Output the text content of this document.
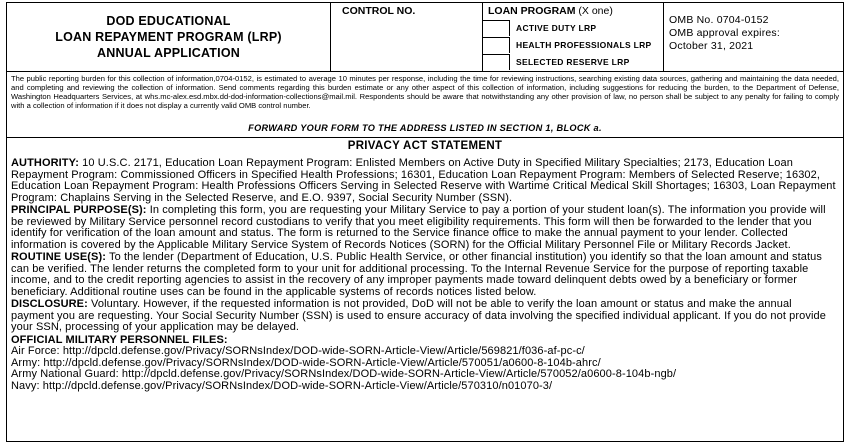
DOD EDUCATIONAL
LOAN REPAYMENT PROGRAM (LRP)
ANNUAL APPLICATION
CONTROL NO.	LOAN PROGRAM (X one)
ACTIVE DUTY LRP
HEALTH PROFESSIONALS LRP
SELECTED RESERVE LRP
OMB No. 0704-0152
OMB approval expires:
October 31, 2021
The public reporting burden for this collection of information,0704-0152, is estimated to average 10 minutes per response, including the time for reviewing instructions, searching existing data sources, gathering and maintaining the data needed, and completing and reviewing the collection of information. Send comments regarding this burden estimate or any other aspect of this collection of information, including suggestions for reducing the burden, to the Department of Defense, Washington Headquarters Services, at whs.mc-alex.esd.mbx.dd-dod-information-collections@mail.mil. Respondents should be aware that notwithstanding any other provision of law, no person shall be subject to any penalty for failing to comply with a collection of information if it does not display a currently valid OMB control number.
FORWARD YOUR FORM TO THE ADDRESS LISTED IN SECTION 1, BLOCK a.
PRIVACY ACT STATEMENT

AUTHORITY: 10 U.S.C. 2171, Education Loan Repayment Program: Enlisted Members on Active Duty in Specified Military Specialties; 2173, Education Loan Repayment Program: Commissioned Officers in Specified Health Professions; 16301, Education Loan Repayment Program: Members of Selected Reserve; 16302, Education Loan Repayment Program: Health Professions Officers Serving in Selected Reserve with Wartime Critical Medical Skill Shortages; 16303, Loan Repayment Program: Chaplains Serving in the Selected Reserve, and E.O. 9397, Social Security Number (SSN).

PRINCIPAL PURPOSE(S): In completing this form, you are requesting your Military Service to pay a portion of your student loan(s). The information you provide will be reviewed by Military Service personnel record custodians to verify that you meet eligibility requirements. This form will then be forwarded to the lender that you identify for verification of the loan amount and status. The form is returned to the Service finance office to make the annual payment to your lender. Collected information is covered by the Applicable Military Service System of Records Notices (SORN) for the Official Military Personnel File or Military Records Jacket.

ROUTINE USE(S): To the lender (Department of Education, U.S. Public Health Service, or other financial institution) you identify so that the loan amount and status can be verified. The lender returns the completed form to your unit for additional processing. To the Internal Revenue Service for the purpose of reporting taxable income, and to the credit reporting agencies to assist in the recovery of any improper payments made toward delinquent debts owed by a beneficiary or former beneficiary. Additional routine uses can be found in the applicable systems of records notices listed below.

DISCLOSURE: Voluntary. However, if the requested information is not provided, DoD will not be able to verify the loan amount or status and make the annual payment you are requesting. Your Social Security Number (SSN) is used to ensure accuracy of data involving the specified individual applicant. If you do not provide your SSN, processing of your application may be delayed.

OFFICIAL MILITARY PERSONNEL FILES:
Air Force: http://dpcld.defense.gov/Privacy/SORNsIndex/DOD-wide-SORN-Article-View/Article/569821/f036-af-pc-c/
Army: http://dpcld.defense.gov/Privacy/SORNsIndex/DOD-wide-SORN-Article-View/Article/570051/a0600-8-104b-ahrc/
Army National Guard: http://dpcld.defense.gov/Privacy/SORNsIndex/DOD-wide-SORN-Article-View/Article/570052/a0600-8-104b-ngb/
Navy: http://dpcld.defense.gov/Privacy/SORNsIndex/DOD-wide-SORN-Article-View/Article/570310/n01070-3/
